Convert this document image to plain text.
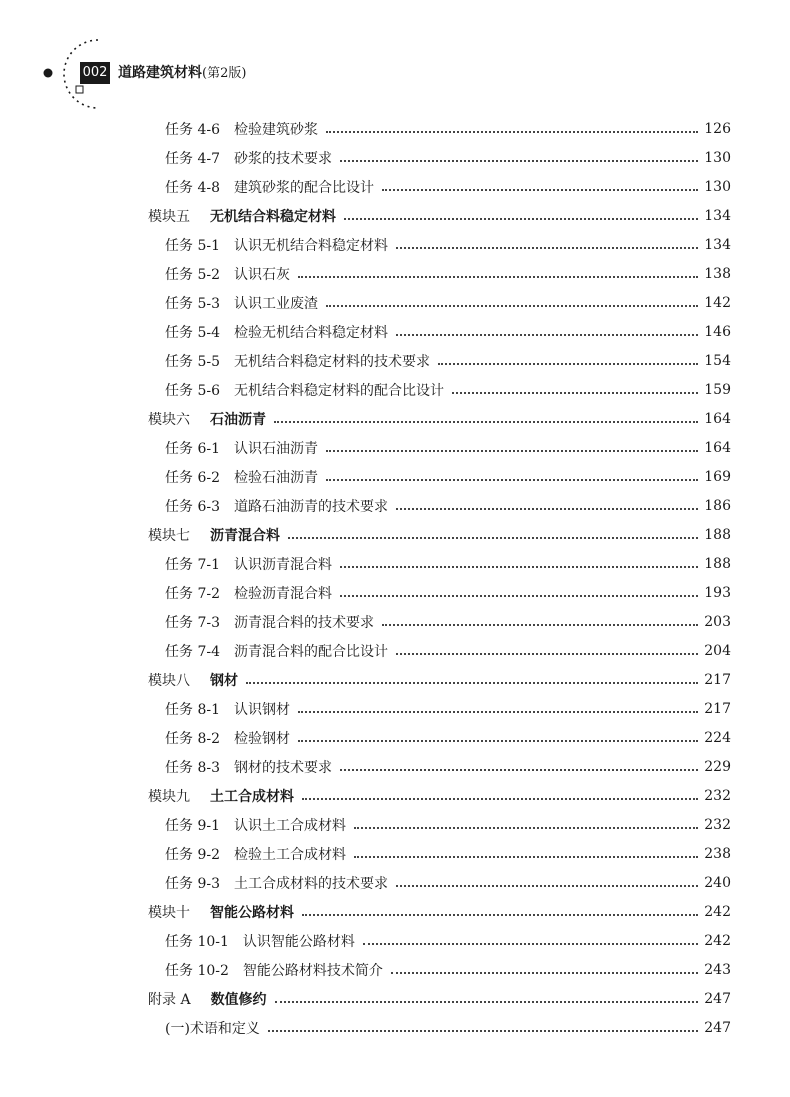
002 道路建筑材料(第2版)
任务 4-6 检验建筑砂浆	126
任务 4-7 砂浆的技术要求	130
任务 4-8 建筑砂浆的配合比设计	130
模块五 无机结合料稳定材料	134
任务 5-1 认识无机结合料稳定材料	134
任务 5-2 认识石灰	138
任务 5-3 认识工业废渣	142
任务 5-4 检验无机结合料稳定材料	146
任务 5-5 无机结合料稳定材料的技术要求	154
任务 5-6 无机结合料稳定材料的配合比设计	159
模块六 石油沥青	164
任务 6-1 认识石油沥青	164
任务 6-2 检验石油沥青	169
任务 6-3 道路石油沥青的技术要求	186
模块七 沥青混合料	188
任务 7-1 认识沥青混合料	188
任务 7-2 检验沥青混合料	193
任务 7-3 沥青混合料的技术要求	203
任务 7-4 沥青混合料的配合比设计	204
模块八 钢材	217
任务 8-1 认识钢材	217
任务 8-2 检验钢材	224
任务 8-3 钢材的技术要求	229
模块九 土工合成材料	232
任务 9-1 认识土工合成材料	232
任务 9-2 检验土工合成材料	238
任务 9-3 土工合成材料的技术要求	240
模块十 智能公路材料	242
任务 10-1 认识智能公路材料	242
任务 10-2 智能公路材料技术简介	243
附录 A 数值修约	247
(一)术语和定义	247
